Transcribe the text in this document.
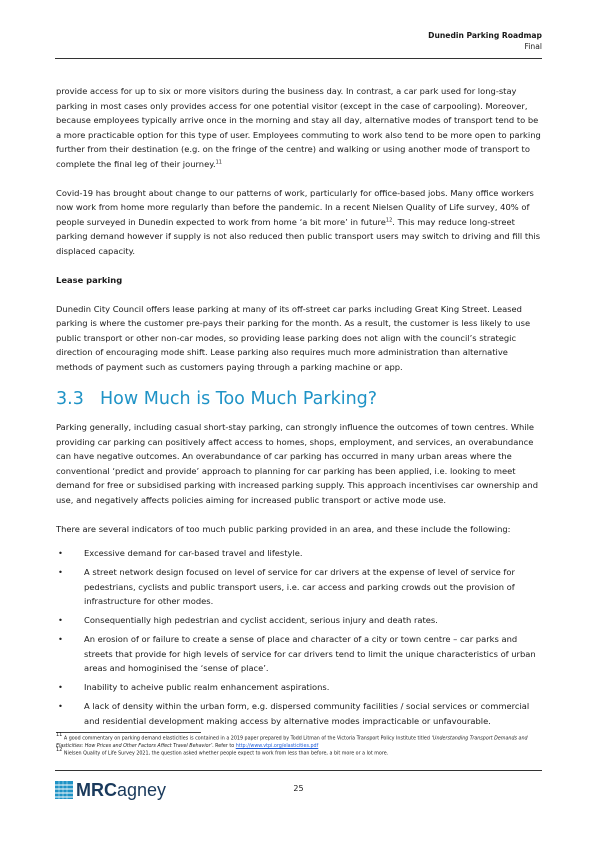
Dunedin Parking Roadmap
Final

provide access for up to six or more visitors during the business day. In contrast, a car park used for long-stay parking in most cases only provides access for one potential visitor (except in the case of carpooling). Moreover, because employees typically arrive once in the morning and stay all day, alternative modes of transport tend to be a more practicable option for this type of user. Employees commuting to work also tend to be more open to parking further from their destination (e.g. on the fringe of the centre) and walking or using another mode of transport to complete the final leg of their journey.$^{11}$

Covid-19 has brought about change to our patterns of work, particularly for office-based jobs. Many office workers now work from home more regularly than before the pandemic. In a recent Nielsen Quality of Life survey, 40% of people surveyed in Dunedin expected to work from home ‘a bit more’ in future$^{12}$. This may reduce long-street parking demand however if supply is not also reduced then public transport users may switch to driving and fill this displaced capacity.

Lease parking

Dunedin City Council offers lease parking at many of its off-street car parks including Great King Street. Leased parking is where the customer pre-pays their parking for the month. As a result, the customer is less likely to use public transport or other non-car modes, so providing lease parking does not align with the council’s strategic direction of encouraging mode shift. Lease parking also requires much more administration than alternative methods of payment such as customers paying through a parking machine or app.

3.3 How Much is Too Much Parking?

Parking generally, including casual short-stay parking, can strongly influence the outcomes of town centres. While providing car parking can positively affect access to homes, shops, employment, and services, an overabundance can have negative outcomes. An overabundance of car parking has occurred in many urban areas where the conventional ‘predict and provide’ approach to planning for car parking has been applied, i.e. looking to meet demand for free or subsidised parking with increased parking supply. This approach incentivises car ownership and use, and negatively affects policies aiming for increased public transport or active mode use.

There are several indicators of too much public parking provided in an area, and these include the following:

•	Excessive demand for car-based travel and lifestyle.
•	A street network design focused on level of service for car drivers at the expense of level of service for pedestrians, cyclists and public transport users, i.e. car access and parking crowds out the provision of infrastructure for other modes.
•	Consequentially high pedestrian and cyclist accident, serious injury and death rates.
•	An erosion of or failure to create a sense of place and character of a city or town centre – car parks and streets that provide for high levels of service for car drivers tend to limit the unique characteristics of urban areas and homoginised the ‘sense of place’.
•	Inability to acheive public realm enhancement aspirations.
•	A lack of density within the urban form, e.g. dispersed community facilities / social services or commercial and residential development making access by alternative modes impracticable or unfavourable.
$^{11}$ A good commentary on parking demand elasticities is contained in a 2019 paper prepared by Todd Litman of the Victoria Transport Policy Institute titled ‘Understanding Transport Demands and Elasticities: How Prices and Other Factors Affect Travel Behavior’. Refer to http://www.vtpi.org/elasticities.pdf
$^{12}$ Nielsen Quality of Life Survey 2021, the question asked whether people expect to work from less than before, a bit more or a lot more.
MRCagney	25
